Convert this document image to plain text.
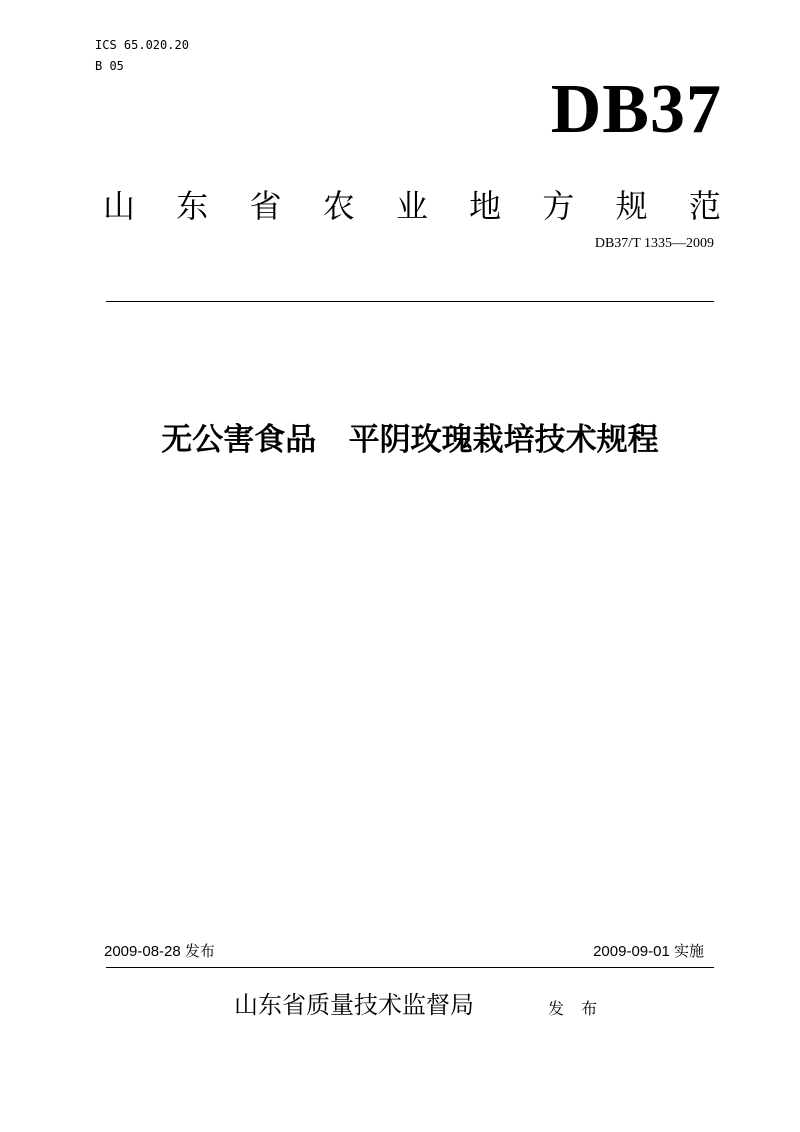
ICS 65.020.20
B 05
DB37
山 东 省 农 业 地 方 规 范
DB37/T 1335—2009
无公害食品   平阴玫瑰栽培技术规程
2009-08-28 发布	2009-09-01 实施
山东省质量技术监督局	发 布
